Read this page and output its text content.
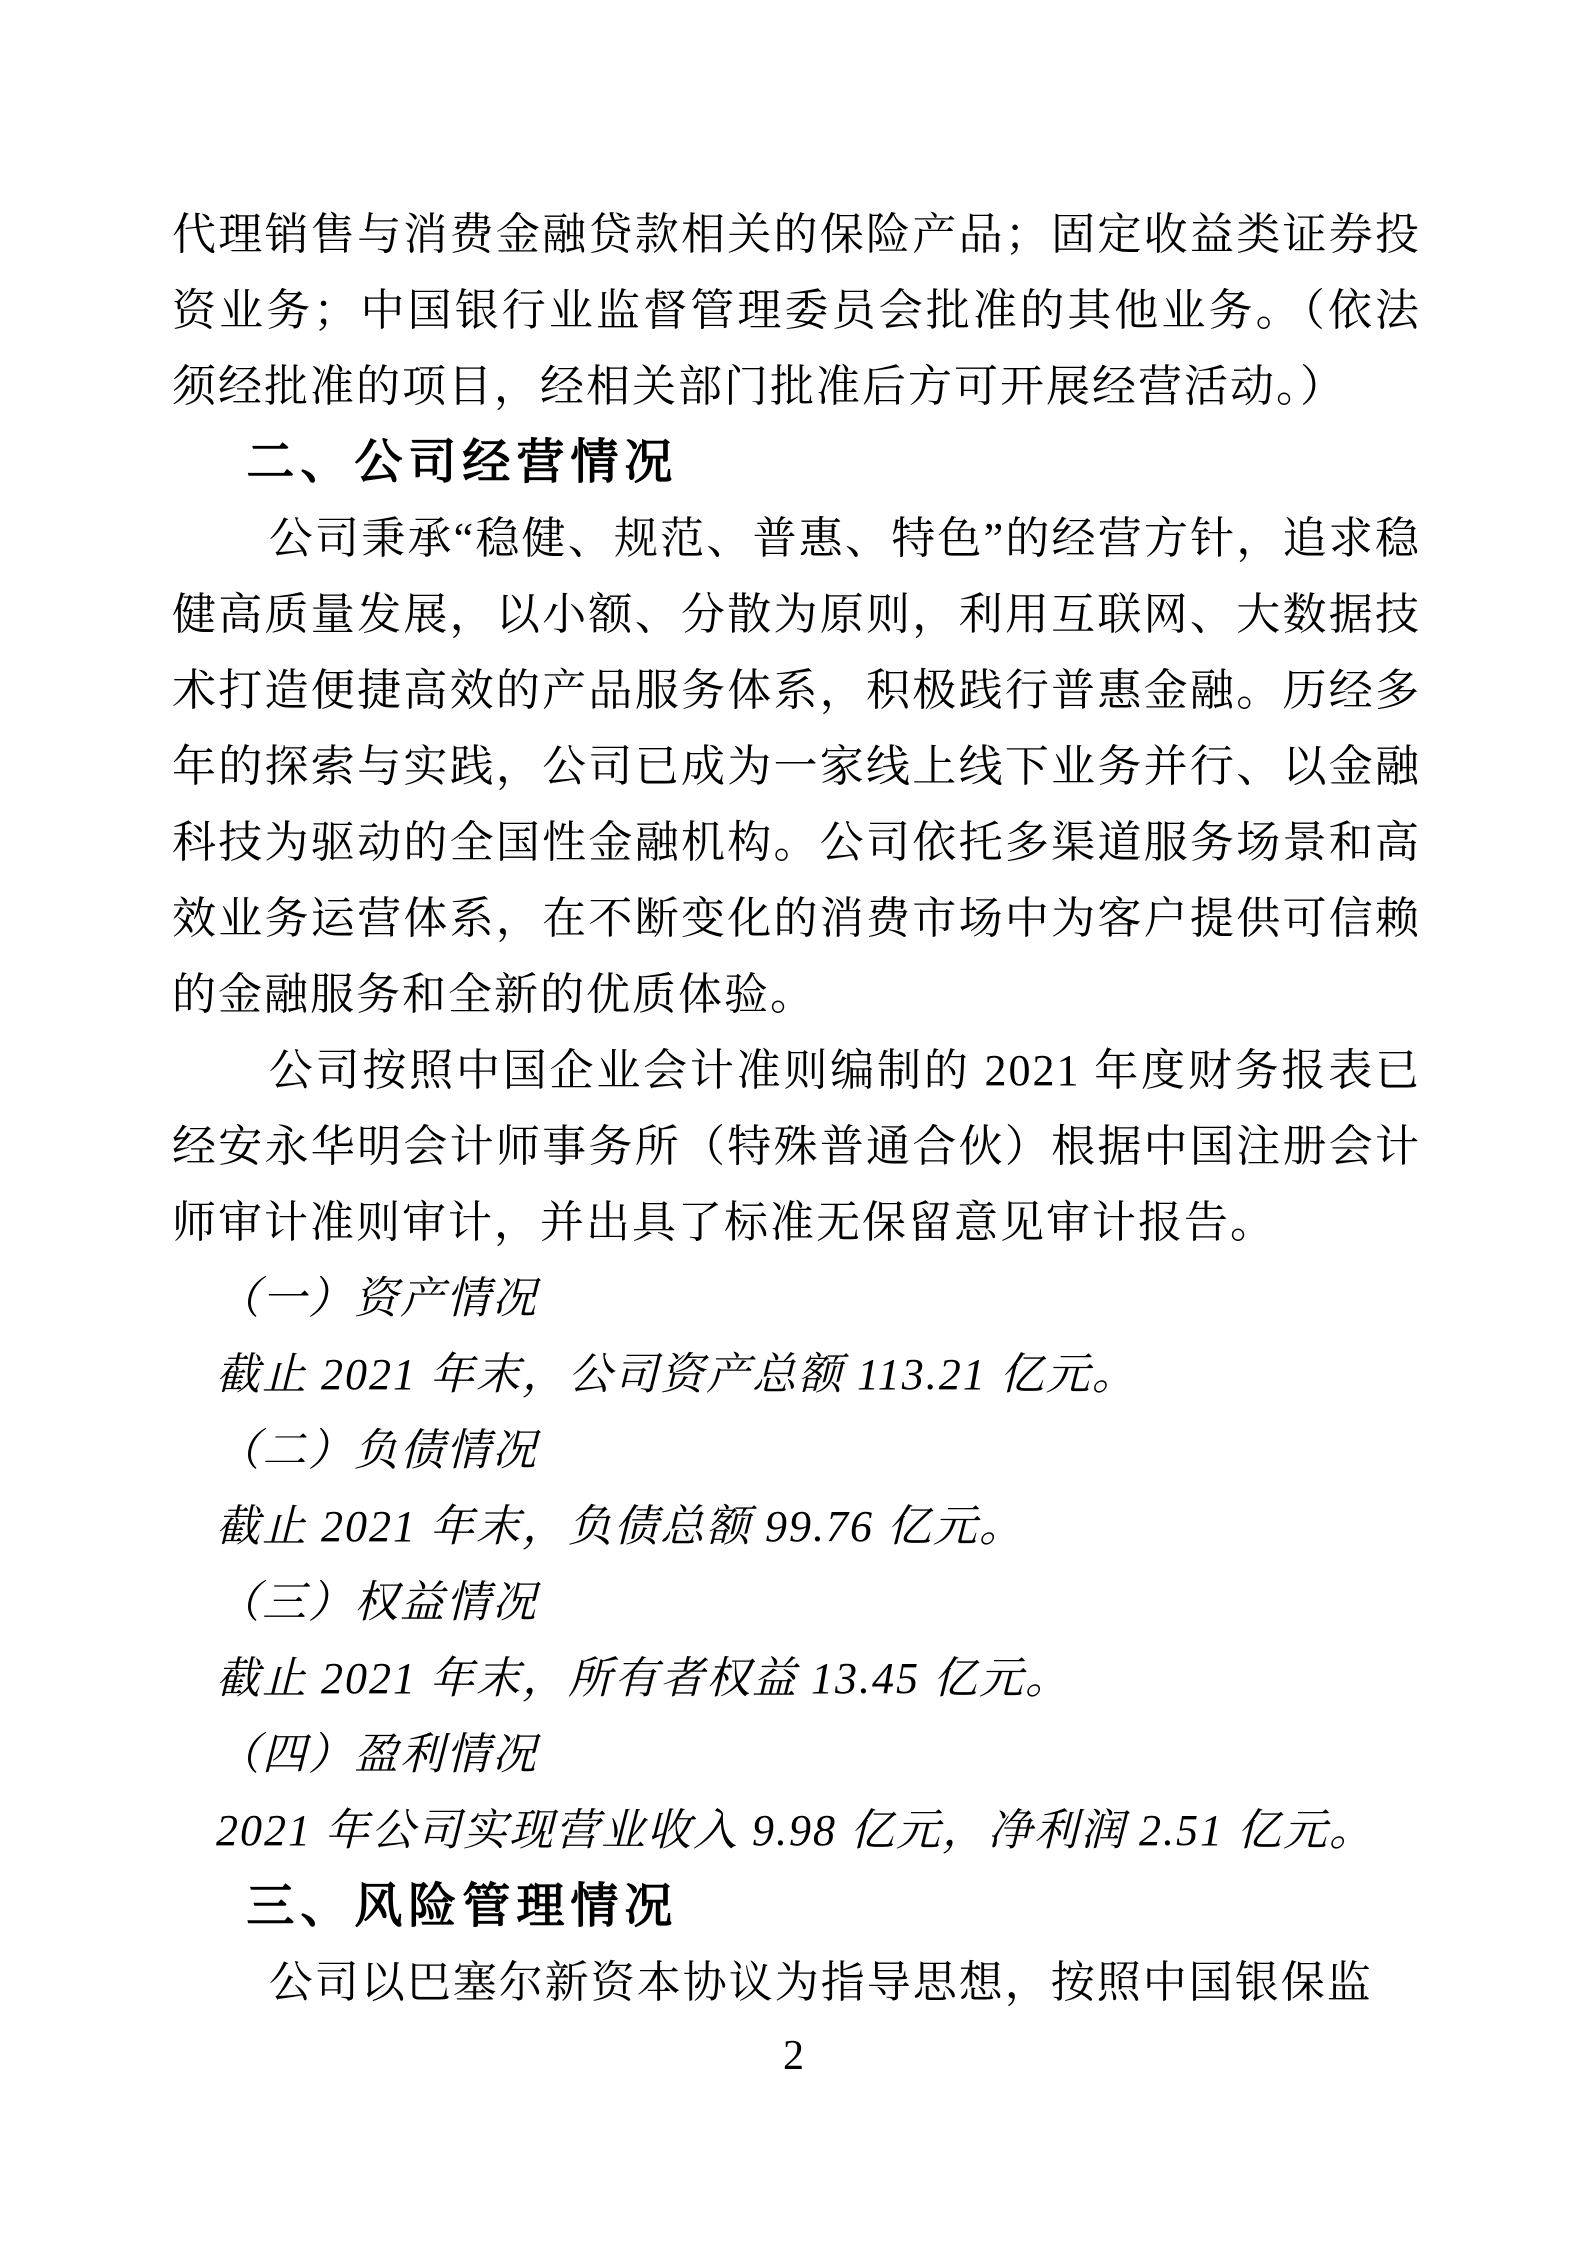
代理销售与消费金融贷款相关的保险产品；固定收益类证券投资业务；中国银行业监督管理委员会批准的其他业务。（依法须经批准的项目，经相关部门批准后方可开展经营活动。）

二、公司经营情况

公司秉承“稳健、规范、普惠、特色”的经营方针，追求稳健高质量发展，以小额、分散为原则，利用互联网、大数据技术打造便捷高效的产品服务体系，积极践行普惠金融。历经多年的探索与实践，公司已成为一家线上线下业务并行、以金融科技为驱动的全国性金融机构。公司依托多渠道服务场景和高效业务运营体系，在不断变化的消费市场中为客户提供可信赖的金融服务和全新的优质体验。

公司按照中国企业会计准则编制的 2021 年度财务报表已经安永华明会计师事务所（特殊普通合伙）根据中国注册会计师审计准则审计，并出具了标准无保留意见审计报告。

（一）资产情况

截止 2021 年末，公司资产总额 113.21 亿元。

（二）负债情况

截止 2021 年末，负债总额 99.76 亿元。

（三）权益情况

截止 2021 年末，所有者权益 13.45 亿元。

（四）盈利情况

2021 年公司实现营业收入 9.98 亿元，净利润 2.51 亿元。

三、风险管理情况

公司以巴塞尔新资本协议为指导思想，按照中国银保监

2
